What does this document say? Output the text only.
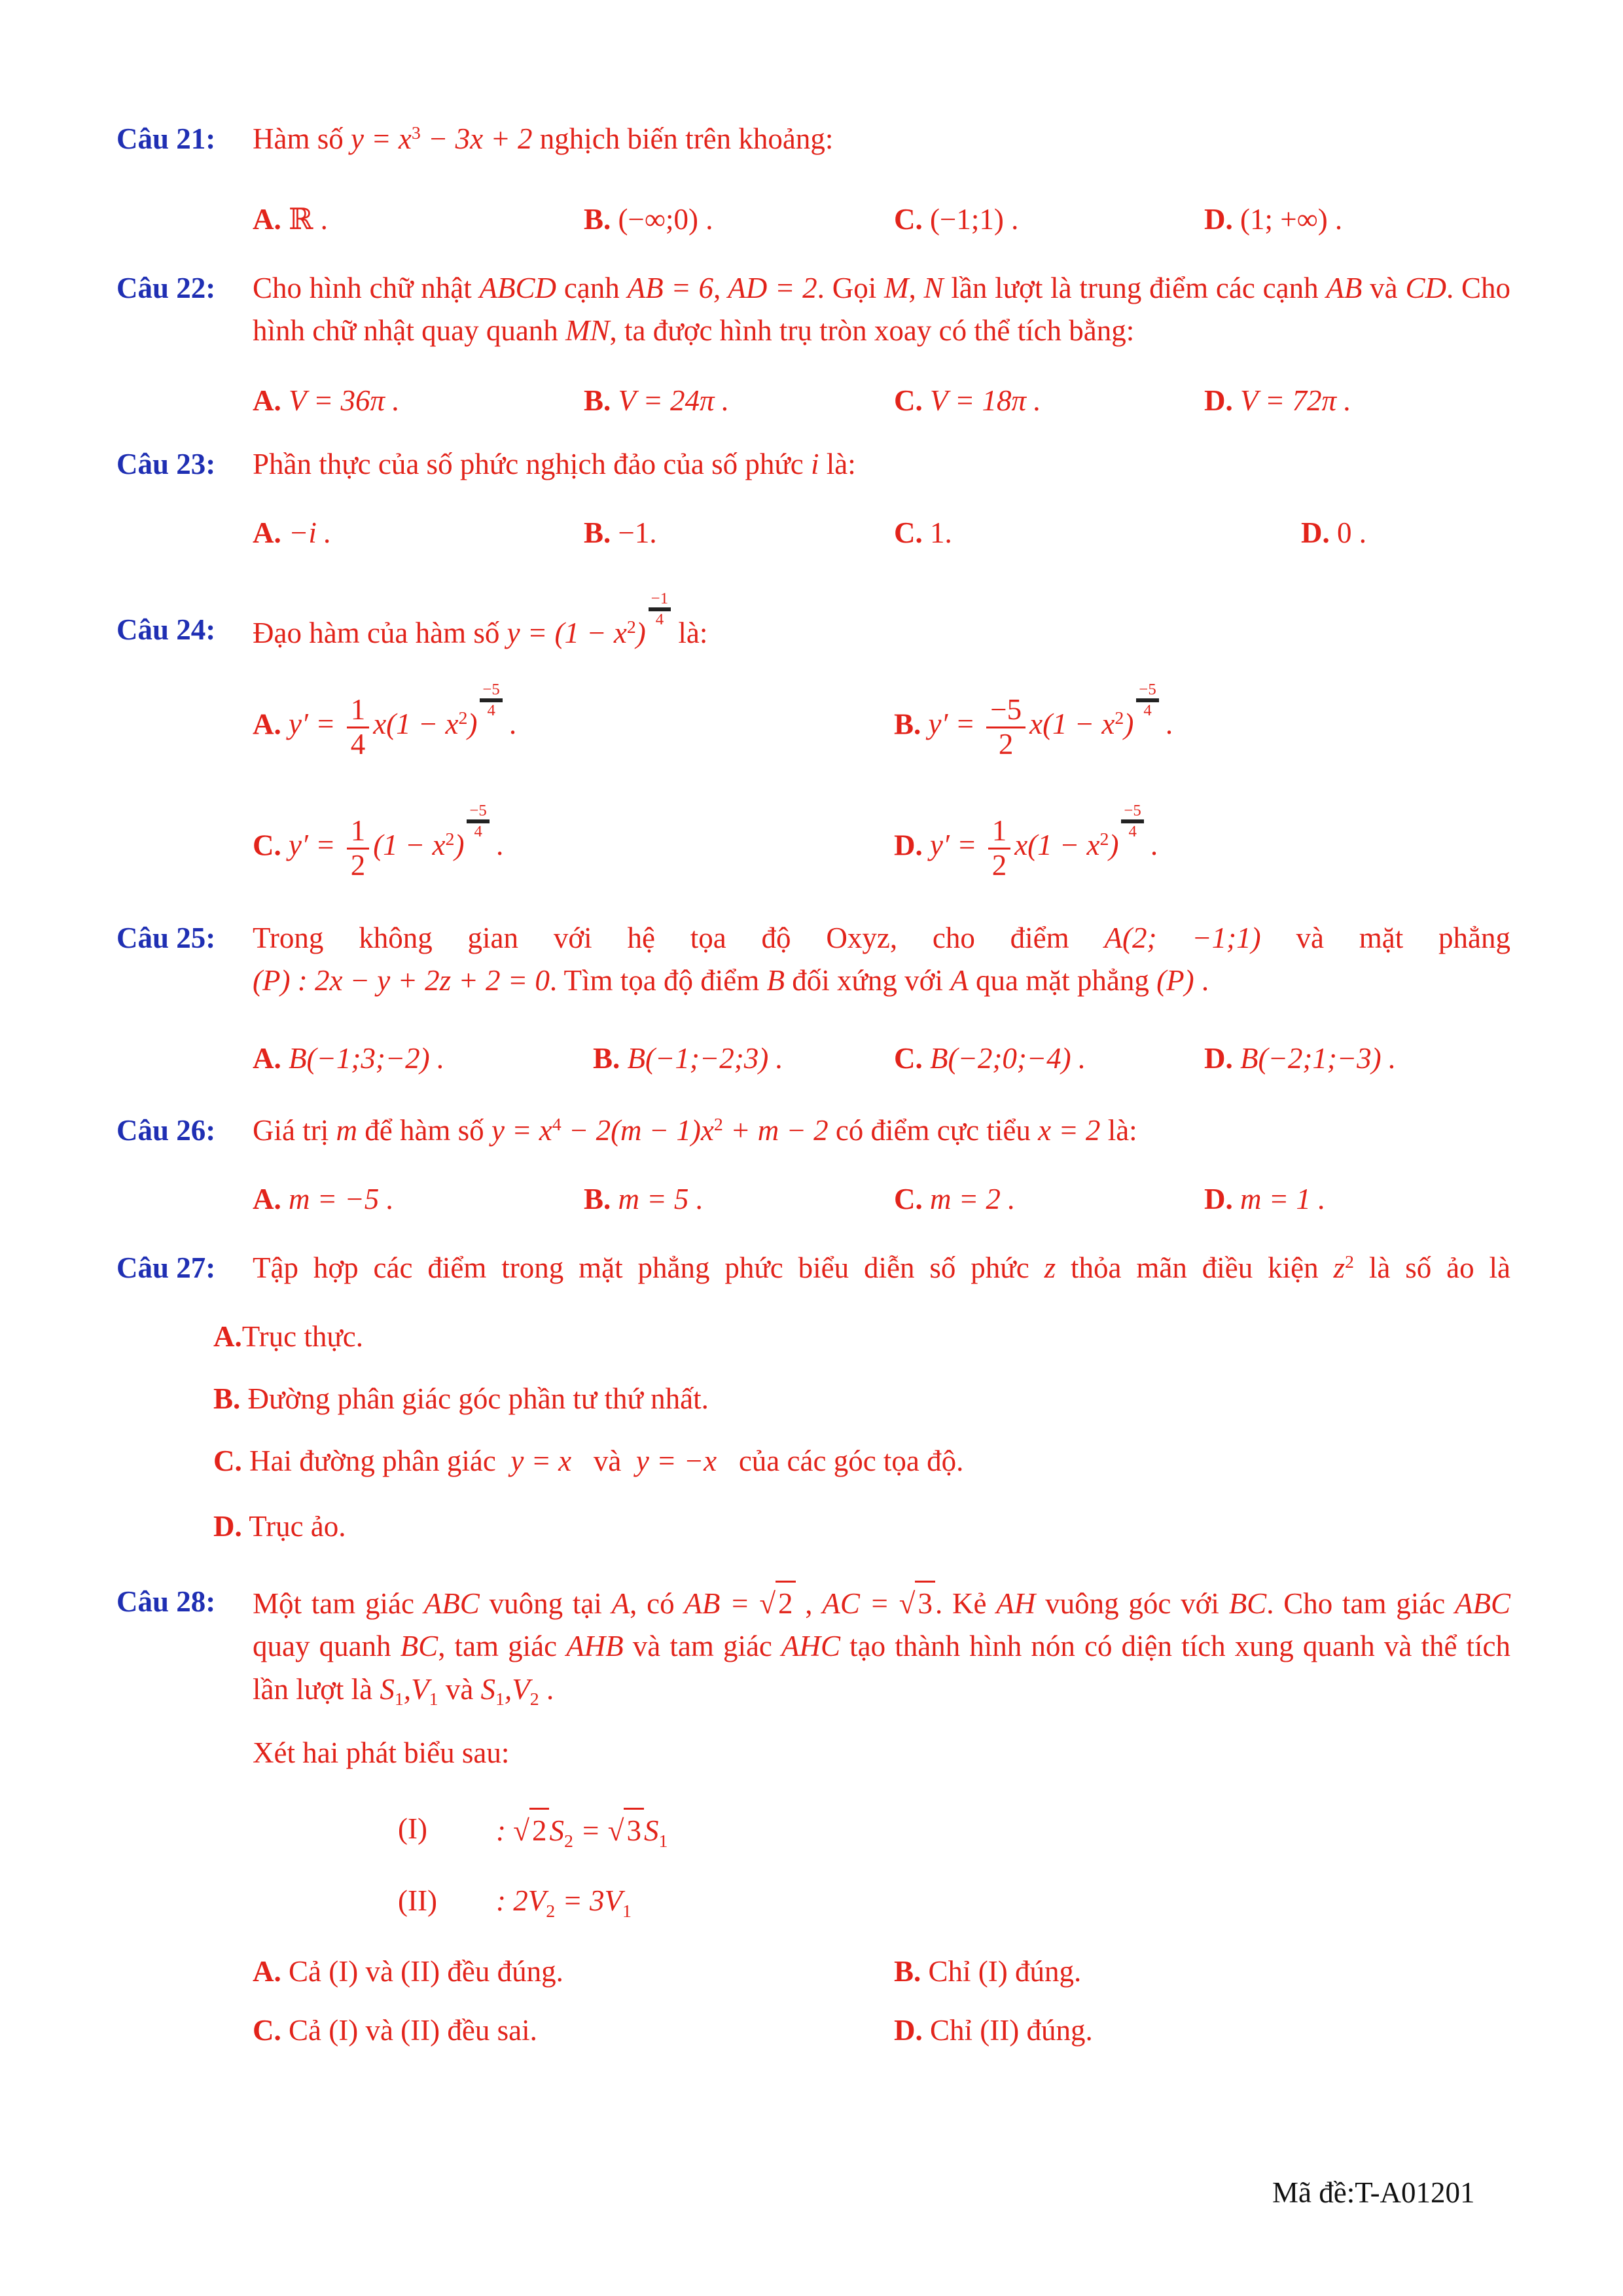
Câu 21: Hàm số $y = x^3 - 3x + 2$ nghịch biến trên khoảng:
A. ℝ .	B. (−∞;0) .	C. (−1;1) .	D. (1; +∞) .
Câu 22: Cho hình chữ nhật ABCD cạnh AB = 6, AD = 2. Gọi M, N lần lượt là trung điểm các cạnh AB và CD. Cho hình chữ nhật quay quanh MN, ta được hình trụ tròn xoay có thể tích bằng:
A. V = 36π .	B. V = 24π .	C. V = 18π .	D. V = 72π .
Câu 23: Phần thực của số phức nghịch đảo của số phức i là:
A. −i .	B. −1.	C. 1.	D. 0 .
Câu 24: Đạo hàm của hàm số $y = (1 - x^2)$
$\frac{-1}{4}$
là:
A. $y' = \frac{1}{4} x(1 - x^2)$
$\frac{-5}{4}$
.	B. $y' = \frac{-5}{2} x(1 - x^2)$
$\frac{-5}{4}$
.
C. $y' = \frac{1}{2} (1 - x^2)$
$\frac{-5}{4}$
.	D. $y' = \frac{1}{2} x(1 - x^2)$
$\frac{-5}{4}$
.
Câu 25: Trong không gian với hệ tọa độ Oxyz, cho điểm A(2; −1;1) và mặt phẳng
(P) : 2x − y + 2z + 2 = 0. Tìm tọa độ điểm B đối xứng với A qua mặt phẳng (P) .
A. B(−1;3;−2) .	B. B(−1;−2;3) .	C. B(−2;0;−4) .	D. B(−2;1;−3) .
Câu 26: Giá trị m để hàm số $y = x^4 - 2(m - 1)x^2 + m - 2$ có điểm cực tiểu x = 2 là:
A. m = −5 .	B. m = 5 .	C. m = 2 .	D. m = 1 .
Câu 27: Tập hợp các điểm trong mặt phẳng phức biểu diễn số phức z thỏa mãn điều kiện $z^2$ là số ảo là
A.Trục thực.
B. Đường phân giác góc phần tư thứ nhất.
C. Hai đường phân giác y = x và y = −x của các góc tọa độ.
D. Trục ảo.
Câu 28: Một tam giác ABC vuông tại A, có AB = √2 , AC = √3. Kẻ AH vuông góc với BC. Cho tam giác ABC quay quanh BC, tam giác AHB và tam giác AHC tạo thành hình nón có diện tích xung quanh và thể tích lần lượt là $S_1,V_1$ và $S_1,V_2$ .
Xét hai phát biểu sau:
(I) : $√2S_2 = √3S_1$
(II) : $2V_2 = 3V_1$
A. Cả (I) và (II) đều đúng.	B. Chỉ (I) đúng.
C. Cả (I) và (II) đều sai.	D. Chỉ (II) đúng.
Mã đề:T-A01201
